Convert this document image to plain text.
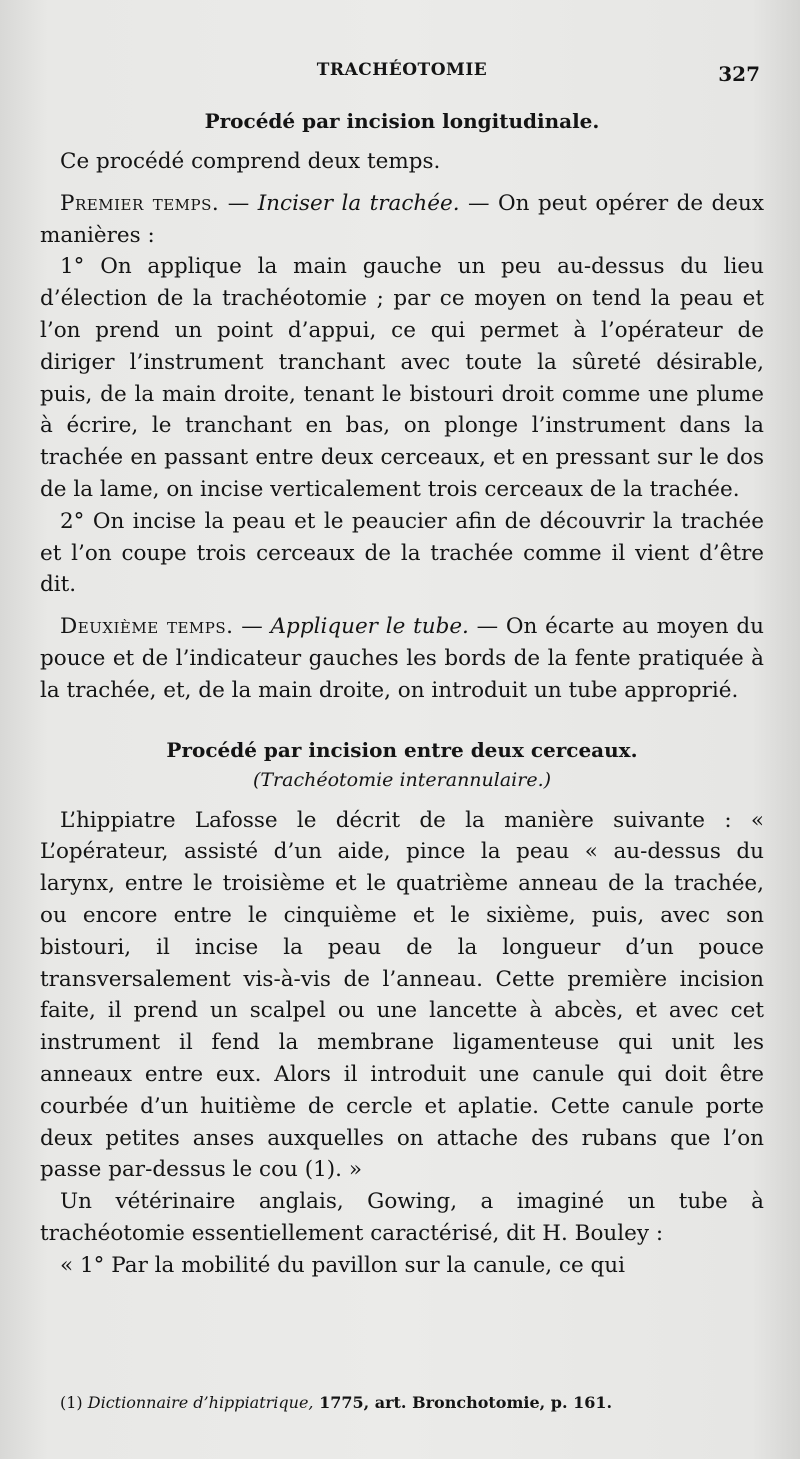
TRACHÉOTOMIE	327
Procédé par incision longitudinale.

Ce procédé comprend deux temps.

Premier temps. — Inciser la trachée. — On peut opérer de deux manières :

1° On applique la main gauche un peu au-dessus du lieu d’élection de la trachéotomie ; par ce moyen on tend la peau et l’on prend un point d’appui, ce qui permet à l’opérateur de diriger l’instrument tranchant avec toute la sûreté désirable, puis, de la main droite, tenant le bistouri droit comme une plume à écrire, le tranchant en bas, on plonge l’instrument dans la trachée en passant entre deux cerceaux, et en pressant sur le dos de la lame, on incise verticalement trois cerceaux de la trachée.

2° On incise la peau et le peaucier afin de découvrir la trachée et l’on coupe trois cerceaux de la trachée comme il vient d’être dit.

Deuxième temps. — Appliquer le tube. — On écarte au moyen du pouce et de l’indicateur gauches les bords de la fente pratiquée à la trachée, et, de la main droite, on introduit un tube approprié.

Procédé par incision entre deux cerceaux.
(Trachéotomie interannulaire.)

L’hippiatre Lafosse le décrit de la manière suivante : « L’opérateur, assisté d’un aide, pince la peau « au-dessus du larynx, entre le troisième et le quatrième anneau de la trachée, ou encore entre le cinquième et le sixième, puis, avec son bistouri, il incise la peau de la longueur d’un pouce transversalement vis-à-vis de l’anneau. Cette première incision faite, il prend un scalpel ou une lancette à abcès, et avec cet instrument il fend la membrane ligamenteuse qui unit les anneaux entre eux. Alors il introduit une canule qui doit être courbée d’un huitième de cercle et aplatie. Cette canule porte deux petites anses auxquelles on attache des rubans que l’on passe par-dessus le cou (1). »

Un vétérinaire anglais, Gowing, a imaginé un tube à trachéotomie essentiellement caractérisé, dit H. Bouley :

« 1° Par la mobilité du pavillon sur la canule, ce qui

(1) Dictionnaire d’hippiatrique, 1775, art. Bronchotomie, p. 161.
